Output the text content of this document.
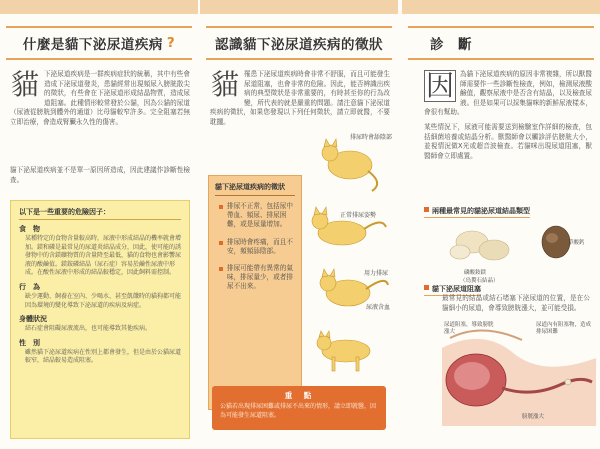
什麼是貓下泌尿道疾病 ?
貓 下泌尿道疾病是一群疾病症狀的統稱，其中有些會造成下泌尿道發炎，患貓經常出現頻尿入膀胱散尖的徵狀，有些會在下泌尿道形成結晶物質，造成尿道阻塞。此種情形較常發於公貓，因為公貓的尿道（尿液從膀胱到體外的通道）比母貓較窄許多。完全阻塞若無立即治療，會造成腎臟永久性的傷害。

貓下泌尿道疾病並不是單一原因所造成，因此建議作診斷性檢查。

以下是一些重要的危險因子：
食　物
某種特定的食物含量較高時，尿液中形成結晶的機率就會增加。鎂和磷是最常見的尿道炎結晶成分，因此，使可能的誘發物中的含鎂礦物質的含量降至最低，貓的食物也會影響尿液的酸鹼值。鎂銨磷結晶（尿石症）容易於鹼性尿液中形成。在酸性尿液中形成的結晶較穩定，因此飼料需控制。
行　為
缺少運動、飼養在室內、少喝水、甚至飢餓時的貓狗都可能因為環境的變化導致下泌尿道的疾病及病症。
身體狀況
結石症會阻礙尿液流出，也可能導致其他疾病。
性　別
雖然貓下泌尿道疾病在性別上都會發生，但是由於公貓尿道較窄，結晶較易造成阻塞。
認識貓下泌尿道疾病的徵狀
貓 罹患下泌尿道疾病時會非常不舒服，而且可能發生尿道阻塞，也會非常的危險。因此，能否辨識出疾病的典型徵狀是非常重要的，有時甚至你的行為改變，所代表的就是嚴重的問題。請注意貓下泌尿道疾病的徵狀，如果您發現以下列任何徵狀，請立即就醫，不要耽擱。

貓下泌尿道疾病的徵狀
排尿不正常，包括尿中帶血、頻尿、排尿困難，或是尿量增加。
排尿時會疼痛，而且不安，頻頻舔陰部。
排尿可能帶有異常的氣味，排尿量少，或者排尿不出來。
排尿時會舔陰部
正常排尿姿勢
用力排尿
尿液含血
重　點
公貓若出現排尿困難或排尿不出來的情形，請立即就醫，因為可能發生尿道阻塞。
診　斷
因 為貓下泌尿道疾病的原因非常複雜，所以獸醫師需要作一些診斷性檢查，例如，檢測尿液酸鹼值，觀察尿液中是否含有結晶，以及檢查尿液。但是如果可以採集貓咪的新鮮尿液樣本，會很有幫助。

某些情況下，尿液可能需要送到檢驗室作詳細的檢查，包括細菌培養或結晶分析。獸醫師會以觸診評估膀胱大小，並視情況做X光或超音波檢查。若貓咪出現尿道阻塞，獸醫師會立即處置。

兩種最常見的貓泌尿道結晶類型
磷酸銨鎂
（鳥糞石結晶）
草酸鈣
貓下泌尿道阻塞

最常見的結晶或結石堵塞下泌尿道的位置，是在公貓細小的尿道，會導致膀胱漲大，並可能受損。

尿道阻塞，導致膀胱漲大
尿道內有阻塞物，造成排尿困難
膀胱漲大
